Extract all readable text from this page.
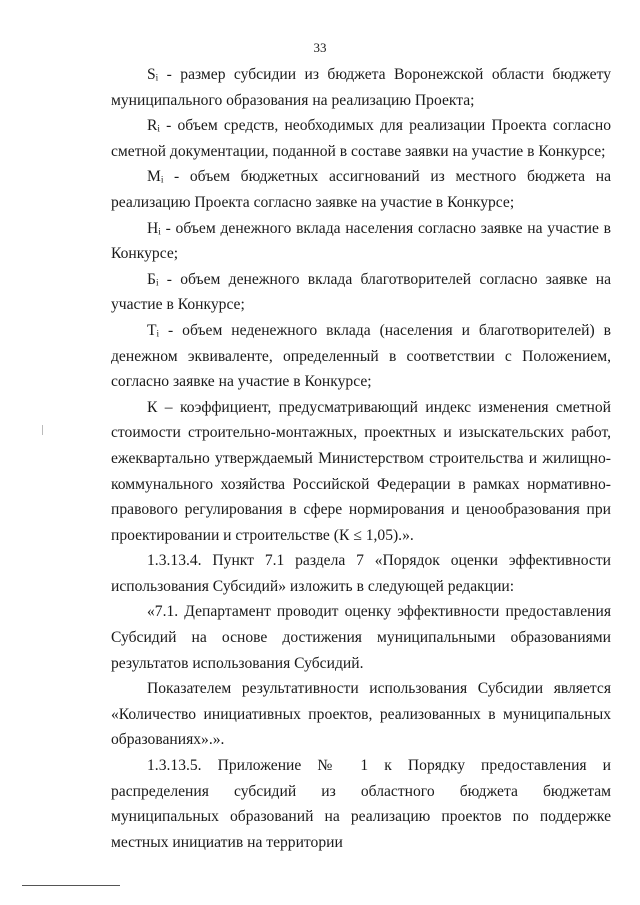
33

Sᵢ - размер субсидии из бюджета Воронежской области бюджету муниципального образования на реализацию Проекта;

Rᵢ - объем средств, необходимых для реализации Проекта согласно сметной документации, поданной в составе заявки на участие в Конкурсе;

Мᵢ - объем бюджетных ассигнований из местного бюджета на реализацию Проекта согласно заявке на участие в Конкурсе;

Нᵢ - объем денежного вклада населения согласно заявке на участие в Конкурсе;

Бᵢ - объем денежного вклада благотворителей согласно заявке на участие в Конкурсе;

Тᵢ - объем неденежного вклада (населения и благотворителей) в денежном эквиваленте, определенный в соответствии с Положением, согласно заявке на участие в Конкурсе;

К – коэффициент, предусматривающий индекс изменения сметной стоимости строительно-монтажных, проектных и изыскательских работ, ежеквартально утверждаемый Министерством строительства и жилищно-коммунального хозяйства Российской Федерации в рамках нормативно-правового регулирования в сфере нормирования и ценообразования при проектировании и строительстве (К ≤ 1,05).».

1.3.13.4. Пункт 7.1 раздела 7 «Порядок оценки эффективности использования Субсидий» изложить в следующей редакции:

«7.1. Департамент проводит оценку эффективности предоставления Субсидий на основе достижения муниципальными образованиями результатов использования Субсидий.

Показателем результативности использования Субсидии является «Количество инициативных проектов, реализованных в муниципальных образованиях».».

1.3.13.5. Приложение № 1 к Порядку предоставления и распределения субсидий из областного бюджета бюджетам муниципальных образований на реализацию проектов по поддержке местных инициатив на территории
